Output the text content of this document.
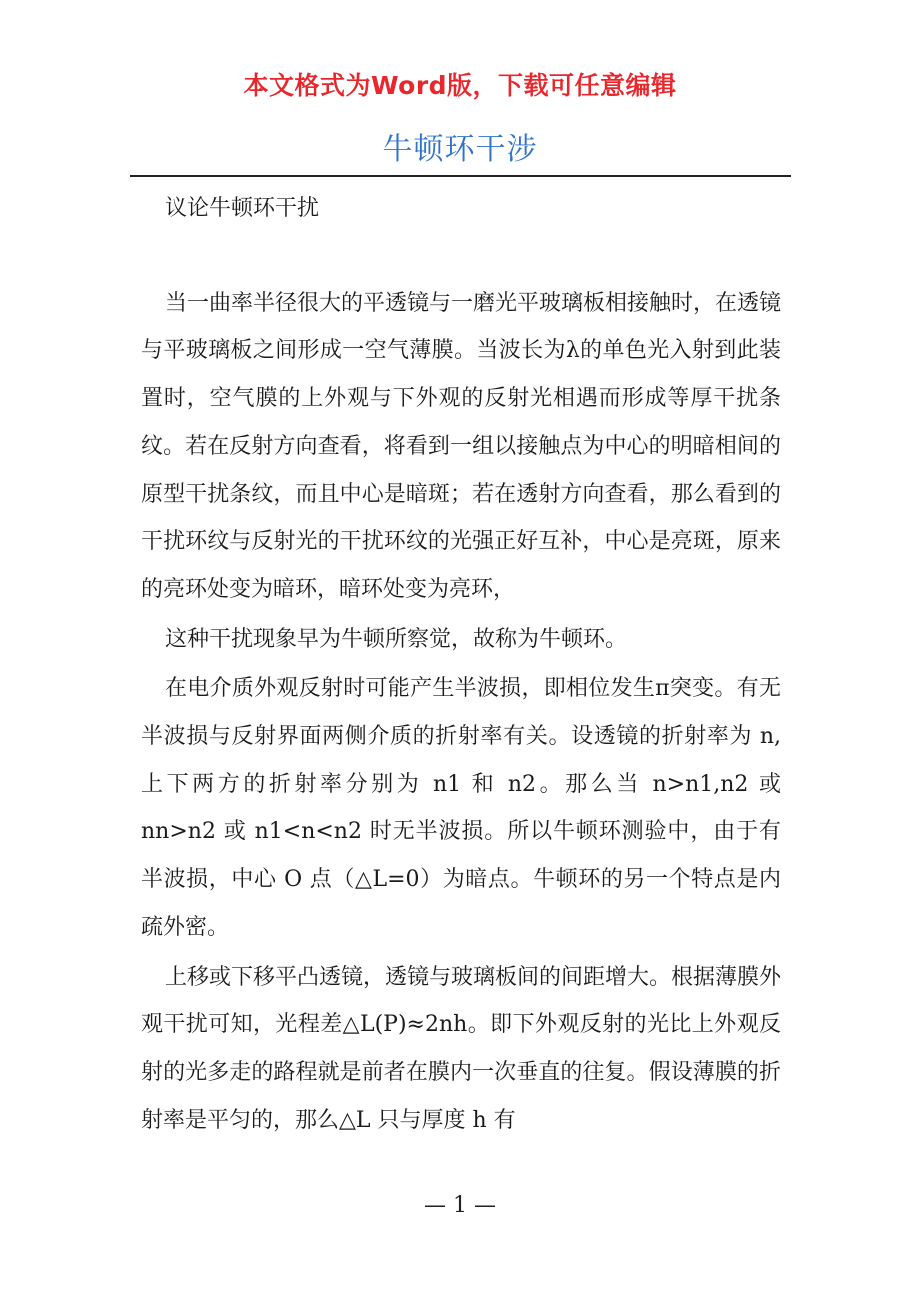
本文格式为Word版，下载可任意编辑
牛顿环干涉

议论牛顿环干扰

当一曲率半径很大的平透镜与一磨光平玻璃板相接触时，在透镜与平玻璃板之间形成一空气薄膜。当波长为λ的单色光入射到此装置时，空气膜的上外观与下外观的反射光相遇而形成等厚干扰条纹。若在反射方向查看，将看到一组以接触点为中心的明暗相间的原型干扰条纹，而且中心是暗斑；若在透射方向查看，那么看到的干扰环纹与反射光的干扰环纹的光强正好互补，中心是亮斑，原来的亮环处变为暗环，暗环处变为亮环，

这种干扰现象早为牛顿所察觉，故称为牛顿环。

在电介质外观反射时可能产生半波损，即相位发生π突变。有无半波损与反射界面两侧介质的折射率有关。设透镜的折射率为 n,上下两方的折射率分别为 n1 和 n2。那么当 n>n1,n2 或 nn>n2 或 n1<n<n2 时无半波损。所以牛顿环测验中，由于有半波损，中心 O 点（△L=0）为暗点。牛顿环的另一个特点是内疏外密。

上移或下移平凸透镜，透镜与玻璃板间的间距增大。根据薄膜外观干扰可知，光程差△L(P)≈2nh。即下外观反射的光比上外观反射的光多走的路程就是前者在膜内一次垂直的往复。假设薄膜的折射率是平匀的，那么△L 只与厚度 h 有

— 1 —
